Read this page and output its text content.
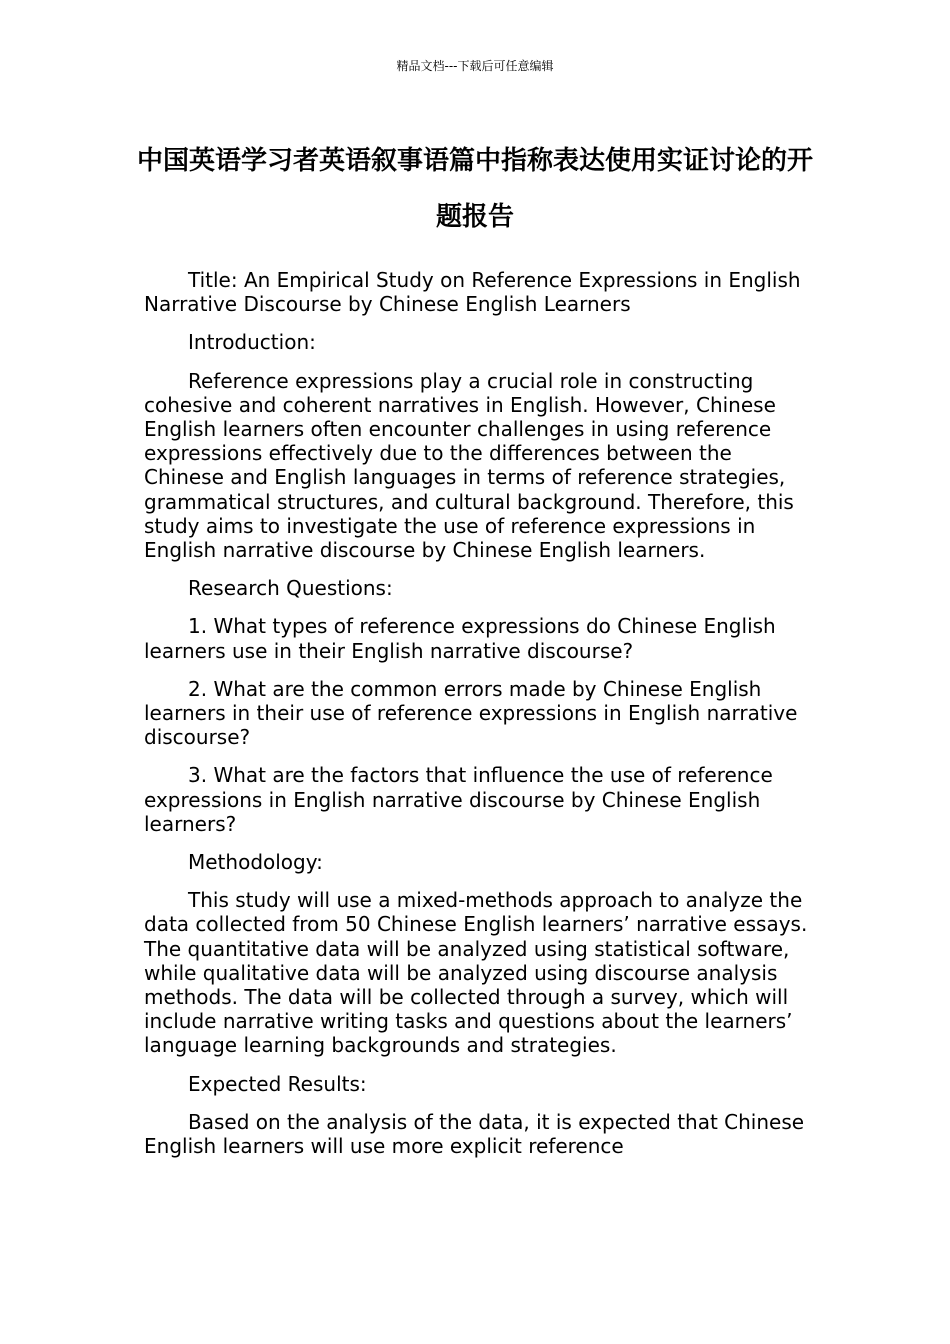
精品文档---下载后可任意编辑
中国英语学习者英语叙事语篇中指称表达使用实证讨论的开题报告

Title: An Empirical Study on Reference Expressions in English Narrative Discourse by Chinese English Learners

Introduction:

Reference expressions play a crucial role in constructing cohesive and coherent narratives in English. However, Chinese English learners often encounter challenges in using reference expressions effectively due to the differences between the Chinese and English languages in terms of reference strategies, grammatical structures, and cultural background. Therefore, this study aims to investigate the use of reference expressions in English narrative discourse by Chinese English learners.

Research Questions:

1. What types of reference expressions do Chinese English learners use in their English narrative discourse?

2. What are the common errors made by Chinese English learners in their use of reference expressions in English narrative discourse?

3. What are the factors that influence the use of reference expressions in English narrative discourse by Chinese English learners?

Methodology:

This study will use a mixed-methods approach to analyze the data collected from 50 Chinese English learners’ narrative essays. The quantitative data will be analyzed using statistical software, while qualitative data will be analyzed using discourse analysis methods. The data will be collected through a survey, which will include narrative writing tasks and questions about the learners’ language learning backgrounds and strategies.

Expected Results:

Based on the analysis of the data, it is expected that Chinese English learners will use more explicit reference
